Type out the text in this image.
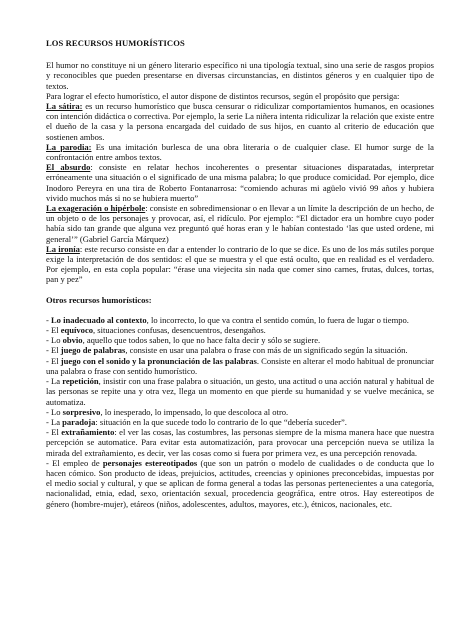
LOS RECURSOS HUMORÍSTICOS

El humor no constituye ni un género literario específico ni una tipología textual, sino una serie de rasgos propios y reconocibles que pueden presentarse en diversas circunstancias, en distintos géneros y en cualquier tipo de textos.

Para lograr el efecto humorístico, el autor dispone de distintos recursos, según el propósito que persiga:

La sátira: es un recurso humorístico que busca censurar o ridiculizar comportamientos humanos, en ocasiones con intención didáctica o correctiva. Por ejemplo, la serie La niñera intenta ridiculizar la relación que existe entre el dueño de la casa y la persona encargada del cuidado de sus hijos, en cuanto al criterio de educación que sostienen ambos.

La parodia: Es una imitación burlesca de una obra literaria o de cualquier clase. El humor surge de la confrontación entre ambos textos.

El absurdo: consiste en relatar hechos incoherentes o presentar situaciones disparatadas, interpretar erróneamente una situación o el significado de una misma palabra; lo que produce comicidad. Por ejemplo, dice Inodoro Pereyra en una tira de Roberto Fontanarrosa: “comiendo achuras mi agüelo vivió 99 años y hubiera vivido muchos más si no se hubiera muerto”

La exageración o hipérbole: consiste en sobredimensionar o en llevar a un límite la descripción de un hecho, de un objeto o de los personajes y provocar, así, el ridículo. Por ejemplo: “El dictador era un hombre cuyo poder había sido tan grande que alguna vez preguntó qué horas eran y le habían contestado ‘las que usted ordene, mi general’” (Gabriel García Márquez)

La ironía: este recurso consiste en dar a entender lo contrario de lo que se dice. Es uno de los más sutiles porque exige la interpretación de dos sentidos: el que se muestra y el que está oculto, que en realidad es el verdadero. Por ejemplo, en esta copla popular: “érase una viejecita sin nada que comer sino carnes, frutas, dulces, tortas, pan y pez”

Otros recursos humorísticos:

- Lo inadecuado al contexto, lo incorrecto, lo que va contra el sentido común, lo fuera de lugar o tiempo.

- El equívoco, situaciones confusas, desencuentros, desengaños.

- Lo obvio, aquello que todos saben, lo que no hace falta decir y sólo se sugiere.

- El juego de palabras, consiste en usar una palabra o frase con más de un significado según la situación.

- El juego con el sonido y la pronunciación de las palabras. Consiste en alterar el modo habitual de pronunciar una palabra o frase con sentido humorístico.

- La repetición, insistir con una frase palabra o situación, un gesto, una actitud o una acción natural y habitual de las personas se repite una y otra vez, llega un momento en que pierde su humanidad y se vuelve mecánica, se automatiza.

- Lo sorpresivo, lo inesperado, lo impensado, lo que descoloca al otro.

- La paradoja: situación en la que sucede todo lo contrario de lo que “debería suceder”.

- El extrañamiento: el ver las cosas, las costumbres, las personas siempre de la misma manera hace que nuestra percepción se automatice. Para evitar esta automatización, para provocar una percepción nueva se utiliza la mirada del extrañamiento, es decir, ver las cosas como si fuera por primera vez, es una percepción renovada.

- El empleo de personajes estereotipados (que son un patrón o modelo de cualidades o de conducta que lo hacen cómico. Son producto de ideas, prejuicios, actitudes, creencias y opiniones preconcebidas, impuestas por el medio social y cultural, y que se aplican de forma general a todas las personas pertenecientes a una categoría, nacionalidad, etnia, edad, sexo, orientación sexual, procedencia geográfica, entre otros. Hay estereotipos de género (hombre-mujer), etáreos (niños, adolescentes, adultos, mayores, etc.), étnicos, nacionales, etc.
